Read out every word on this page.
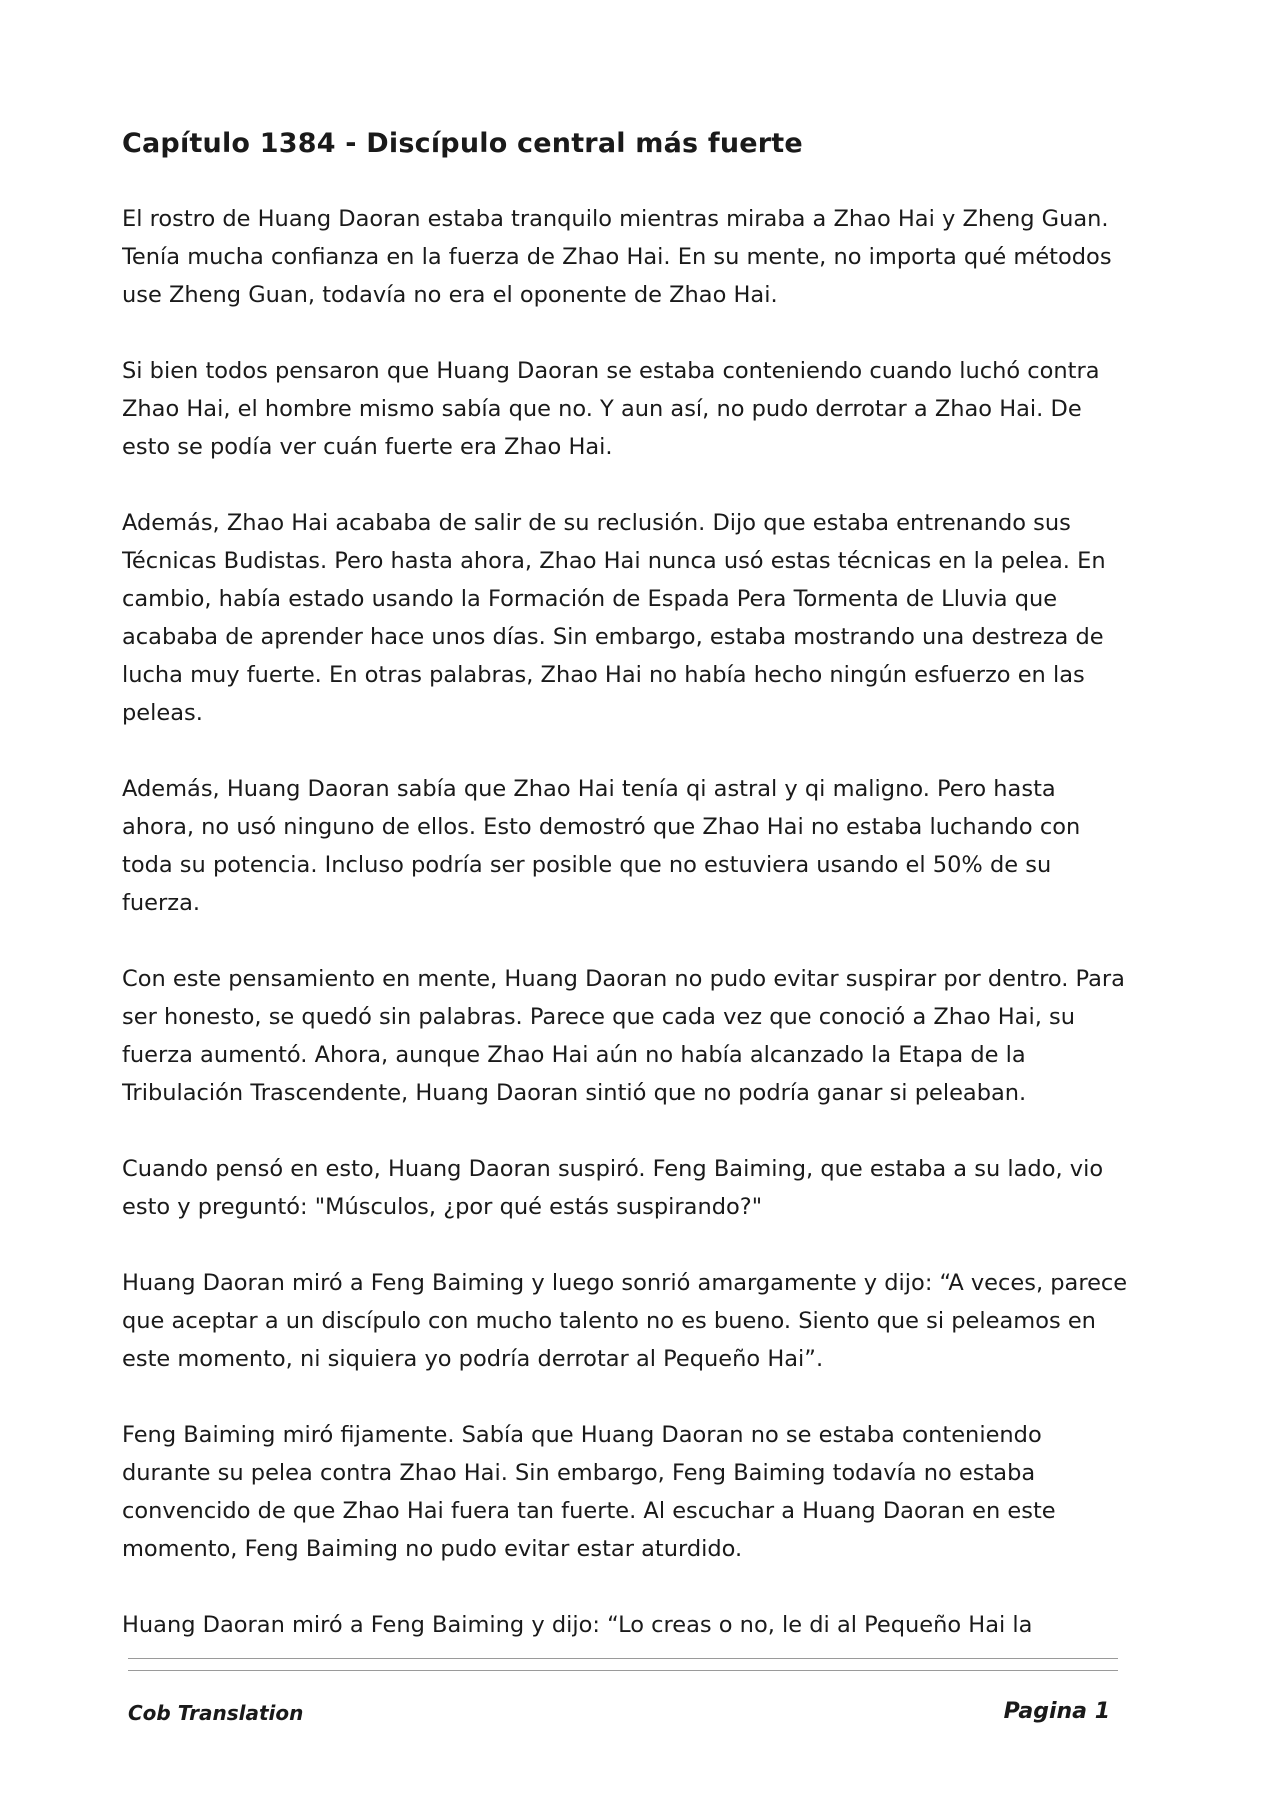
Capítulo 1384 - Discípulo central más fuerte

El rostro de Huang Daoran estaba tranquilo mientras miraba a Zhao Hai y Zheng Guan. Tenía mucha confianza en la fuerza de Zhao Hai. En su mente, no importa qué métodos use Zheng Guan, todavía no era el oponente de Zhao Hai.

Si bien todos pensaron que Huang Daoran se estaba conteniendo cuando luchó contra Zhao Hai, el hombre mismo sabía que no. Y aun así, no pudo derrotar a Zhao Hai. De esto se podía ver cuán fuerte era Zhao Hai.

Además, Zhao Hai acababa de salir de su reclusión. Dijo que estaba entrenando sus Técnicas Budistas. Pero hasta ahora, Zhao Hai nunca usó estas técnicas en la pelea. En cambio, había estado usando la Formación de Espada Pera Tormenta de Lluvia que acababa de aprender hace unos días. Sin embargo, estaba mostrando una destreza de lucha muy fuerte. En otras palabras, Zhao Hai no había hecho ningún esfuerzo en las peleas.

Además, Huang Daoran sabía que Zhao Hai tenía qi astral y qi maligno. Pero hasta ahora, no usó ninguno de ellos. Esto demostró que Zhao Hai no estaba luchando con toda su potencia. Incluso podría ser posible que no estuviera usando el 50% de su fuerza.

Con este pensamiento en mente, Huang Daoran no pudo evitar suspirar por dentro. Para ser honesto, se quedó sin palabras. Parece que cada vez que conoció a Zhao Hai, su fuerza aumentó. Ahora, aunque Zhao Hai aún no había alcanzado la Etapa de la Tribulación Trascendente, Huang Daoran sintió que no podría ganar si peleaban.

Cuando pensó en esto, Huang Daoran suspiró. Feng Baiming, que estaba a su lado, vio esto y preguntó: "Músculos, ¿por qué estás suspirando?"

Huang Daoran miró a Feng Baiming y luego sonrió amargamente y dijo: “A veces, parece que aceptar a un discípulo con mucho talento no es bueno. Siento que si peleamos en este momento, ni siquiera yo podría derrotar al Pequeño Hai”.

Feng Baiming miró fijamente. Sabía que Huang Daoran no se estaba conteniendo durante su pelea contra Zhao Hai. Sin embargo, Feng Baiming todavía no estaba convencido de que Zhao Hai fuera tan fuerte. Al escuchar a Huang Daoran en este momento, Feng Baiming no pudo evitar estar aturdido.

Huang Daoran miró a Feng Baiming y dijo: “Lo creas o no, le di al Pequeño Hai la

Cob Translation	Pagina 1
